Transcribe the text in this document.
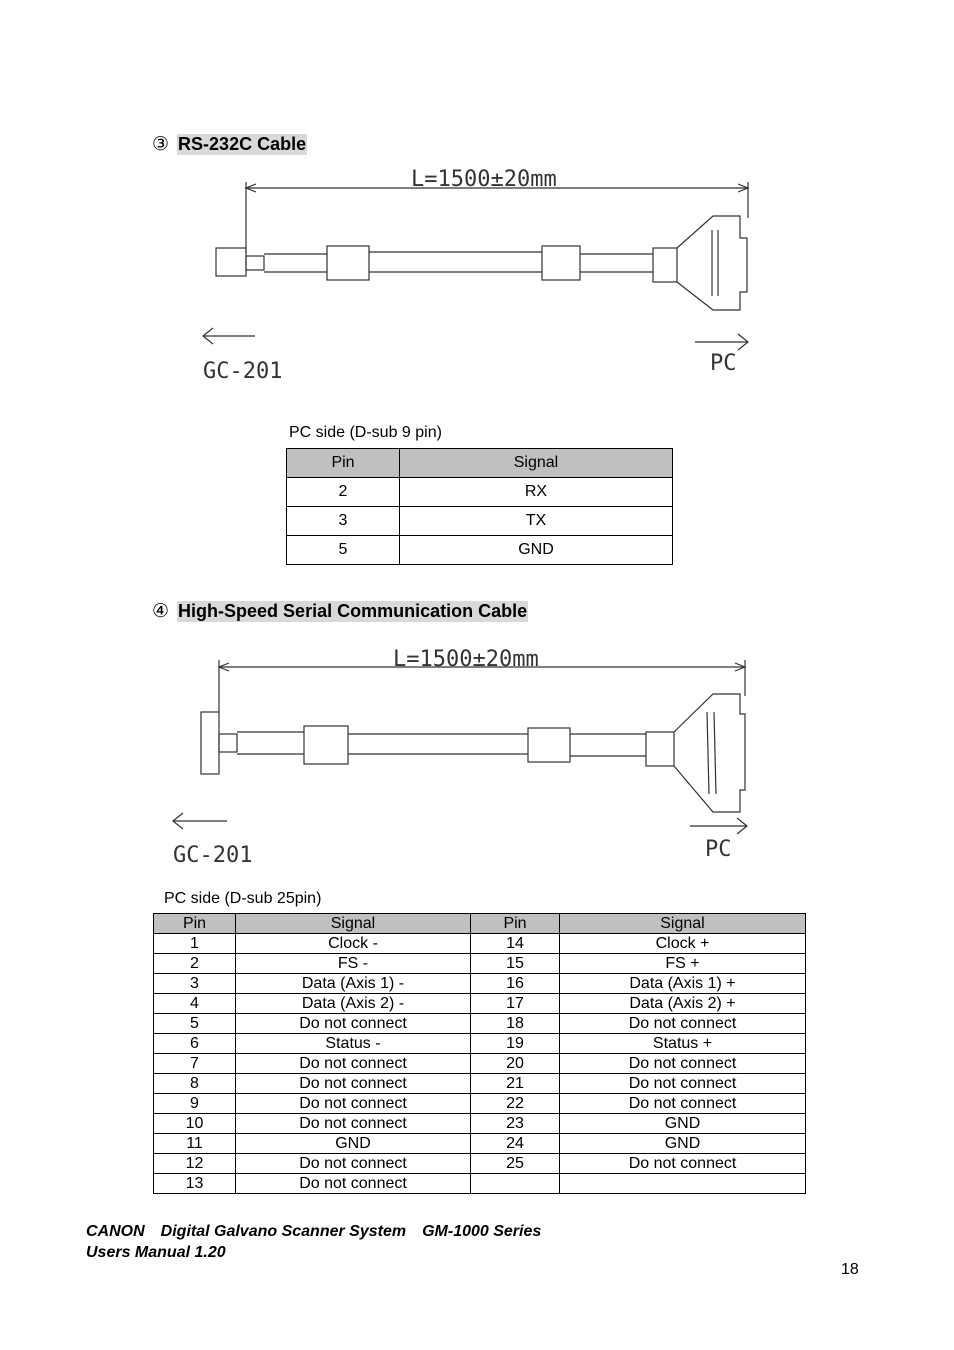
③ RS-232C Cable
L=1500±20mm
GC-201	PC
PC side (D-sub 9 pin)
Pin	Signal
2	RX
3	TX
5	GND
④ High-Speed Serial Communication Cable
L=1500±20mm
GC-201	PC
PC side (D-sub 25pin)
Pin	Signal	Pin	Signal
1	Clock -	14	Clock +
2	FS -	15	FS +
3	Data (Axis 1) -	16	Data (Axis 1) +
4	Data (Axis 2) -	17	Data (Axis 2) +
5	Do not connect	18	Do not connect
6	Status -	19	Status +
7	Do not connect	20	Do not connect
8	Do not connect	21	Do not connect
9	Do not connect	22	Do not connect
10	Do not connect	23	GND
11	GND	24	GND
12	Do not connect	25	Do not connect
13	Do not connect		
CANON　Digital Galvano Scanner System　GM-1000 Series
Users Manual 1.20
18
